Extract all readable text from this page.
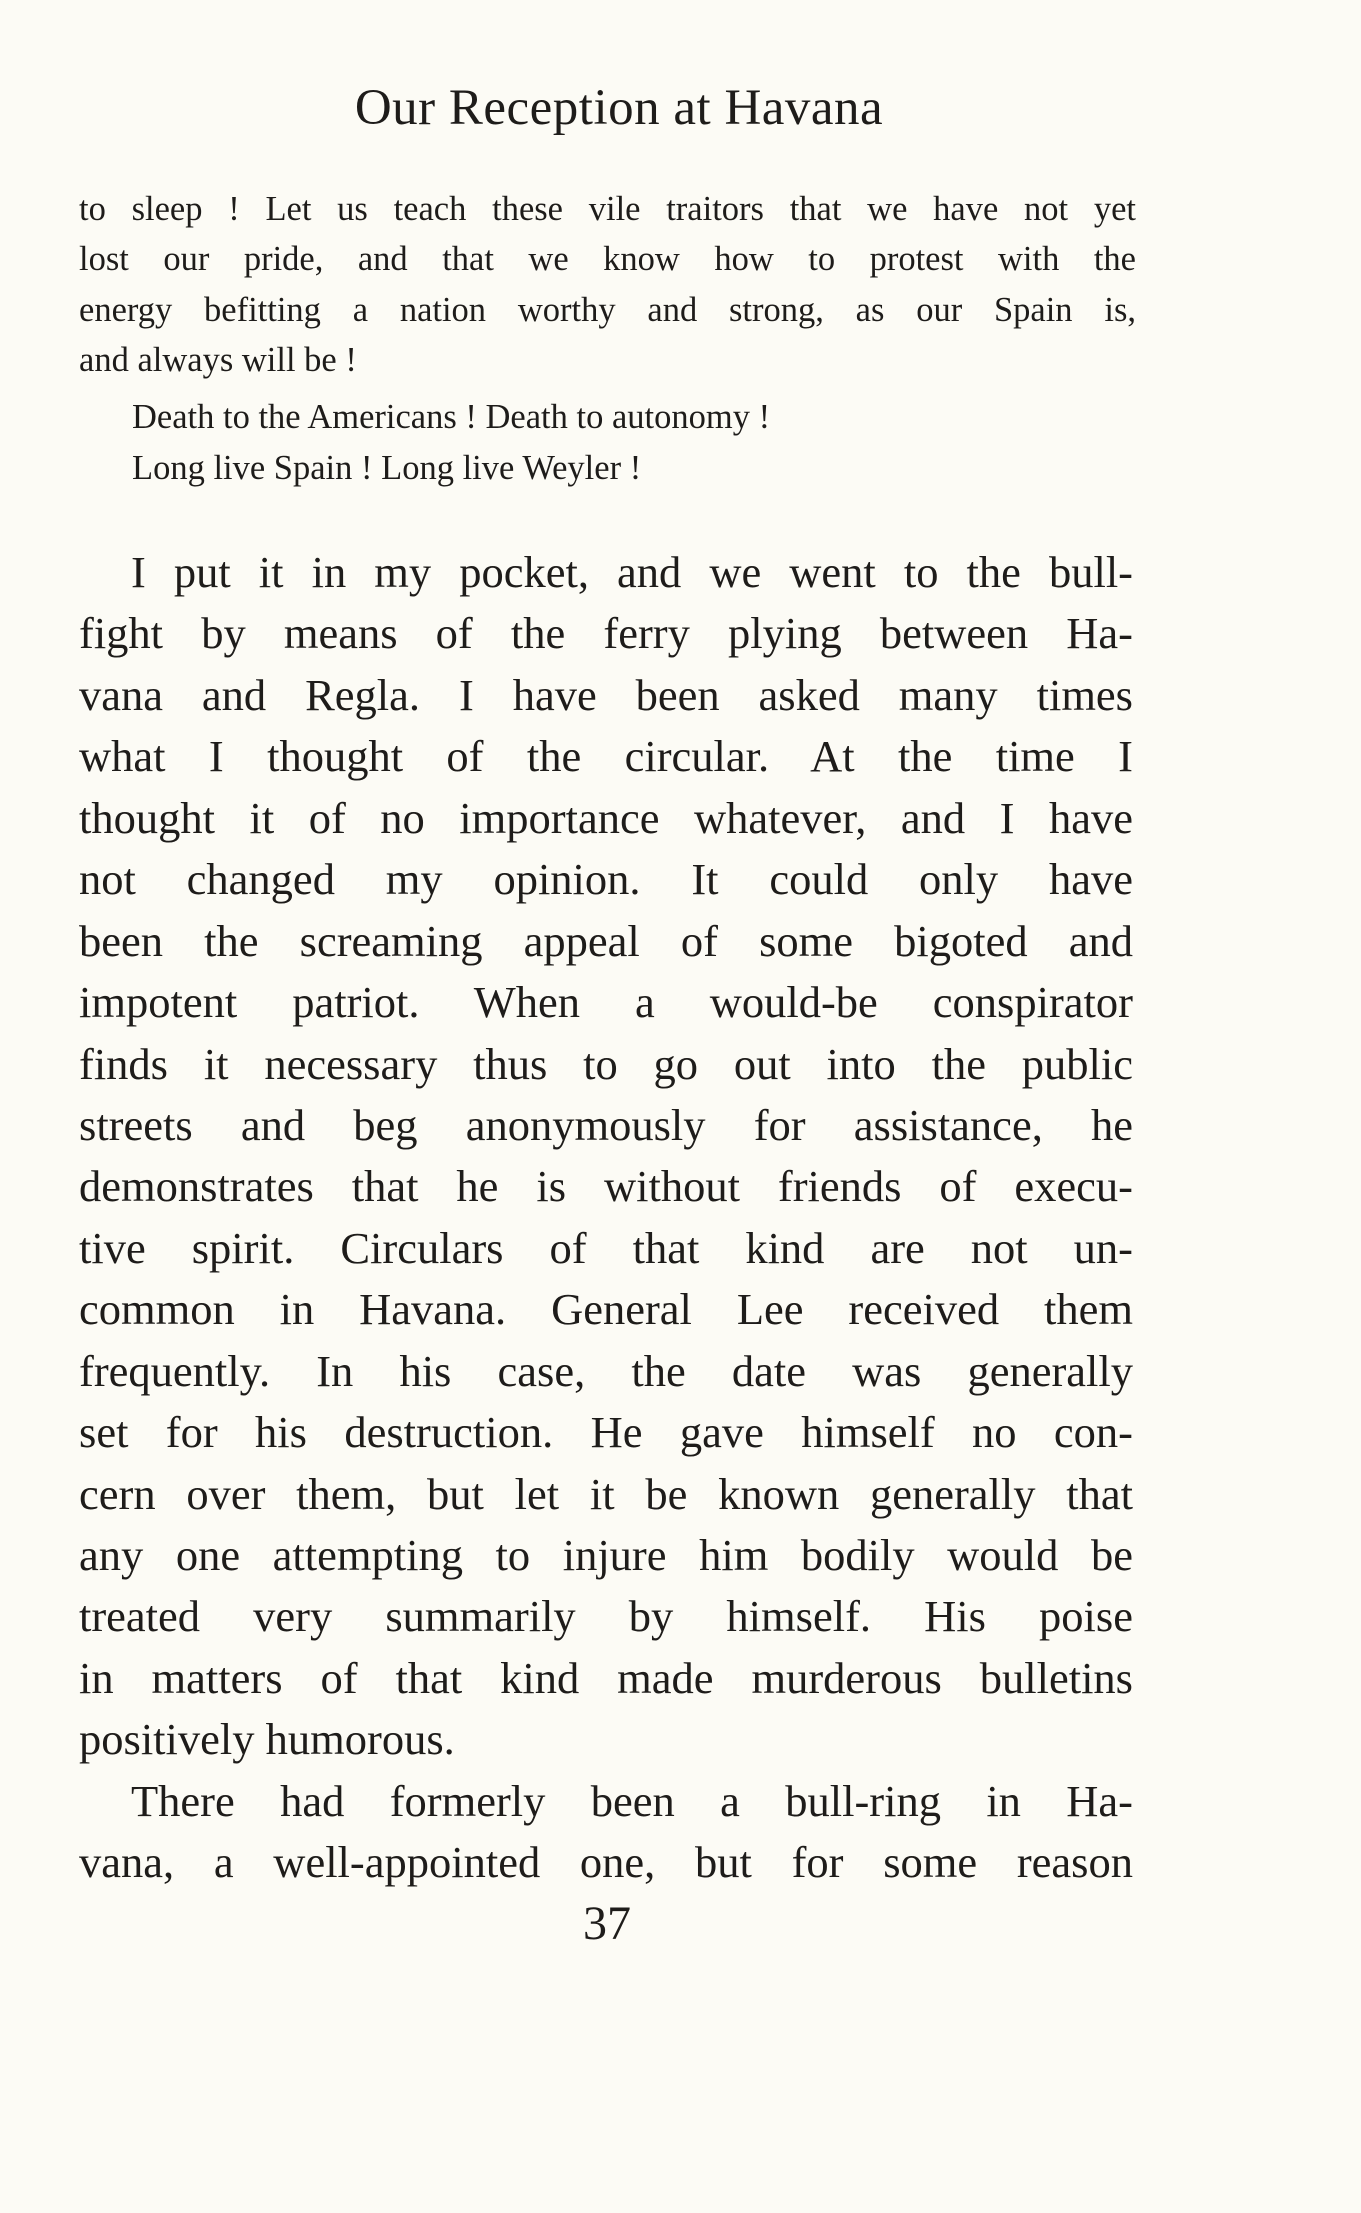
Our Reception at Havana
to sleep ! Let us teach these vile traitors that we have not yet
lost our pride, and that we know how to protest with the
energy befitting a nation worthy and strong, as our Spain is,
and always will be !
Death to the Americans ! Death to autonomy !
Long live Spain ! Long live Weyler !
I put it in my pocket, and we went to the bull-
fight by means of the ferry plying between Ha-
vana and Regla. I have been asked many times
what I thought of the circular. At the time I
thought it of no importance whatever, and I have
not changed my opinion. It could only have
been the screaming appeal of some bigoted and
impotent patriot. When a would-be conspirator
finds it necessary thus to go out into the public
streets and beg anonymously for assistance, he
demonstrates that he is without friends of execu-
tive spirit. Circulars of that kind are not un-
common in Havana. General Lee received them
frequently. In his case, the date was generally
set for his destruction. He gave himself no con-
cern over them, but let it be known generally that
any one attempting to injure him bodily would be
treated very summarily by himself. His poise
in matters of that kind made murderous bulletins
positively humorous.
There had formerly been a bull-ring in Ha-
vana, a well-appointed one, but for some reason
37
